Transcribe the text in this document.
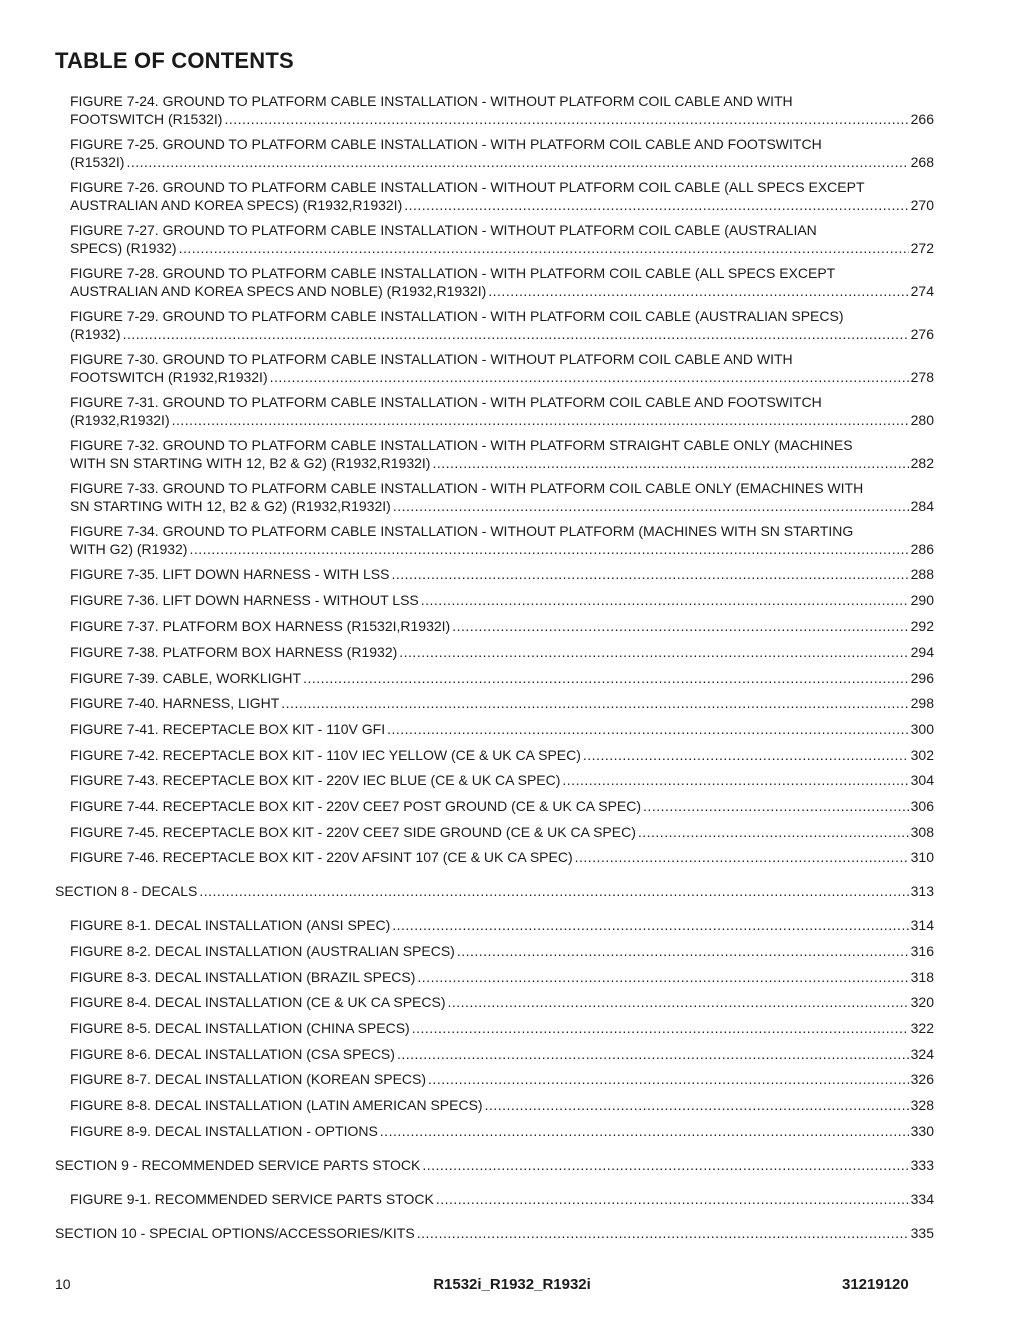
TABLE OF CONTENTS
FIGURE 7-24. GROUND TO PLATFORM CABLE INSTALLATION - WITHOUT PLATFORM COIL CABLE AND WITH
FOOTSWITCH (R1532I) .....	266
FIGURE 7-25. GROUND TO PLATFORM CABLE INSTALLATION - WITH PLATFORM COIL CABLE AND FOOTSWITCH
(R1532I) .....	268
FIGURE 7-26. GROUND TO PLATFORM CABLE INSTALLATION - WITHOUT PLATFORM COIL CABLE (ALL SPECS EXCEPT
AUSTRALIAN AND KOREA SPECS) (R1932,R1932I) .....	270
FIGURE 7-27. GROUND TO PLATFORM CABLE INSTALLATION - WITHOUT PLATFORM COIL CABLE (AUSTRALIAN
SPECS) (R1932) .....	272
FIGURE 7-28. GROUND TO PLATFORM CABLE INSTALLATION - WITH PLATFORM COIL CABLE (ALL SPECS EXCEPT
AUSTRALIAN AND KOREA SPECS AND NOBLE) (R1932,R1932I) .....	274
FIGURE 7-29. GROUND TO PLATFORM CABLE INSTALLATION - WITH PLATFORM COIL CABLE (AUSTRALIAN SPECS)
(R1932) .....	276
FIGURE 7-30. GROUND TO PLATFORM CABLE INSTALLATION - WITHOUT PLATFORM COIL CABLE AND WITH
FOOTSWITCH (R1932,R1932I) .....	278
FIGURE 7-31. GROUND TO PLATFORM CABLE INSTALLATION - WITH PLATFORM COIL CABLE AND FOOTSWITCH
(R1932,R1932I) .....	280
FIGURE 7-32. GROUND TO PLATFORM CABLE INSTALLATION - WITH PLATFORM STRAIGHT CABLE ONLY (MACHINES
WITH SN STARTING WITH 12, B2 & G2) (R1932,R1932I) .....	282
FIGURE 7-33. GROUND TO PLATFORM CABLE INSTALLATION - WITH PLATFORM COIL CABLE ONLY (EMACHINES WITH
SN STARTING WITH 12, B2 & G2) (R1932,R1932I) .....	284
FIGURE 7-34. GROUND TO PLATFORM CABLE INSTALLATION - WITHOUT PLATFORM (MACHINES WITH SN STARTING
WITH G2) (R1932) .....	286
FIGURE 7-35. LIFT DOWN HARNESS - WITH LSS .....	288
FIGURE 7-36. LIFT DOWN HARNESS - WITHOUT LSS .....	290
FIGURE 7-37. PLATFORM BOX HARNESS (R1532I,R1932I) .....	292
FIGURE 7-38. PLATFORM BOX HARNESS (R1932) .....	294
FIGURE 7-39. CABLE, WORKLIGHT .....	296
FIGURE 7-40. HARNESS, LIGHT .....	298
FIGURE 7-41. RECEPTACLE BOX KIT - 110V GFI .....	300
FIGURE 7-42. RECEPTACLE BOX KIT - 110V IEC YELLOW (CE & UK CA SPEC) .....	302
FIGURE 7-43. RECEPTACLE BOX KIT - 220V IEC BLUE (CE & UK CA SPEC) .....	304
FIGURE 7-44. RECEPTACLE BOX KIT - 220V CEE7 POST GROUND (CE & UK CA SPEC) .....	306
FIGURE 7-45. RECEPTACLE BOX KIT - 220V CEE7 SIDE GROUND (CE & UK CA SPEC) .....	308
FIGURE 7-46. RECEPTACLE BOX KIT - 220V AFSINT 107 (CE & UK CA SPEC) .....	310
SECTION 8 - DECALS .....	313
FIGURE 8-1. DECAL INSTALLATION (ANSI SPEC) .....	314
FIGURE 8-2. DECAL INSTALLATION (AUSTRALIAN SPECS) .....	316
FIGURE 8-3. DECAL INSTALLATION (BRAZIL SPECS) .....	318
FIGURE 8-4. DECAL INSTALLATION (CE & UK CA SPECS) .....	320
FIGURE 8-5. DECAL INSTALLATION (CHINA SPECS) .....	322
FIGURE 8-6. DECAL INSTALLATION (CSA SPECS) .....	324
FIGURE 8-7. DECAL INSTALLATION (KOREAN SPECS) .....	326
FIGURE 8-8. DECAL INSTALLATION (LATIN AMERICAN SPECS) .....	328
FIGURE 8-9. DECAL INSTALLATION - OPTIONS .....	330
SECTION 9 - RECOMMENDED SERVICE PARTS STOCK .....	333
FIGURE 9-1. RECOMMENDED SERVICE PARTS STOCK .....	334
SECTION 10 - SPECIAL OPTIONS/ACCESSORIES/KITS .....	335
10	R1532i_R1932_R1932i	31219120
